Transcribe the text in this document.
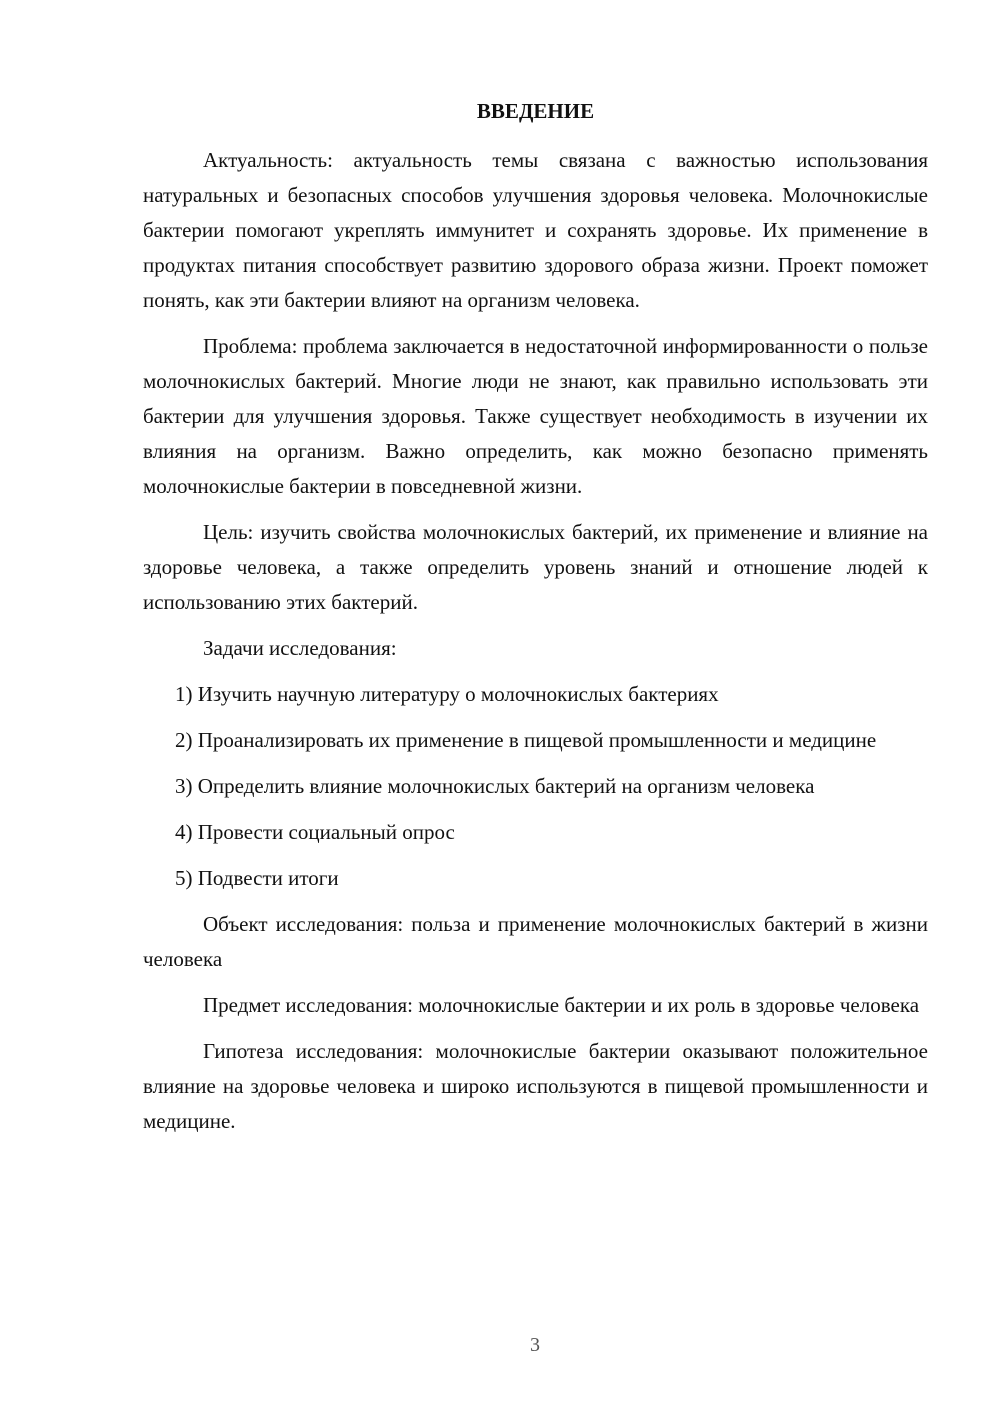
ВВЕДЕНИЕ

Актуальность: актуальность темы связана с важностью использования натуральных и безопасных способов улучшения здоровья человека. Молочнокислые бактерии помогают укреплять иммунитет и сохранять здоровье. Их применение в продуктах питания способствует развитию здорового образа жизни. Проект поможет понять, как эти бактерии влияют на организм человека.

Проблема: проблема заключается в недостаточной информированности о пользе молочнокислых бактерий. Многие люди не знают, как правильно использовать эти бактерии для улучшения здоровья. Также существует необходимость в изучении их влияния на организм. Важно определить, как можно безопасно применять молочнокислые бактерии в повседневной жизни.

Цель: изучить свойства молочнокислых бактерий, их применение и влияние на здоровье человека, а также определить уровень знаний и отношение людей к использованию этих бактерий.

Задачи исследования:

1) Изучить научную литературу о молочнокислых бактериях

2) Проанализировать их применение в пищевой промышленности и медицине

3) Определить влияние молочнокислых бактерий на организм человека

4) Провести социальный опрос

5) Подвести итоги

Объект исследования: польза и применение молочнокислых бактерий в жизни человека

Предмет исследования: молочнокислые бактерии и их роль в здоровье человека

Гипотеза исследования: молочнокислые бактерии оказывают положительное влияние на здоровье человека и широко используются в пищевой промышленности и медицине.

3
